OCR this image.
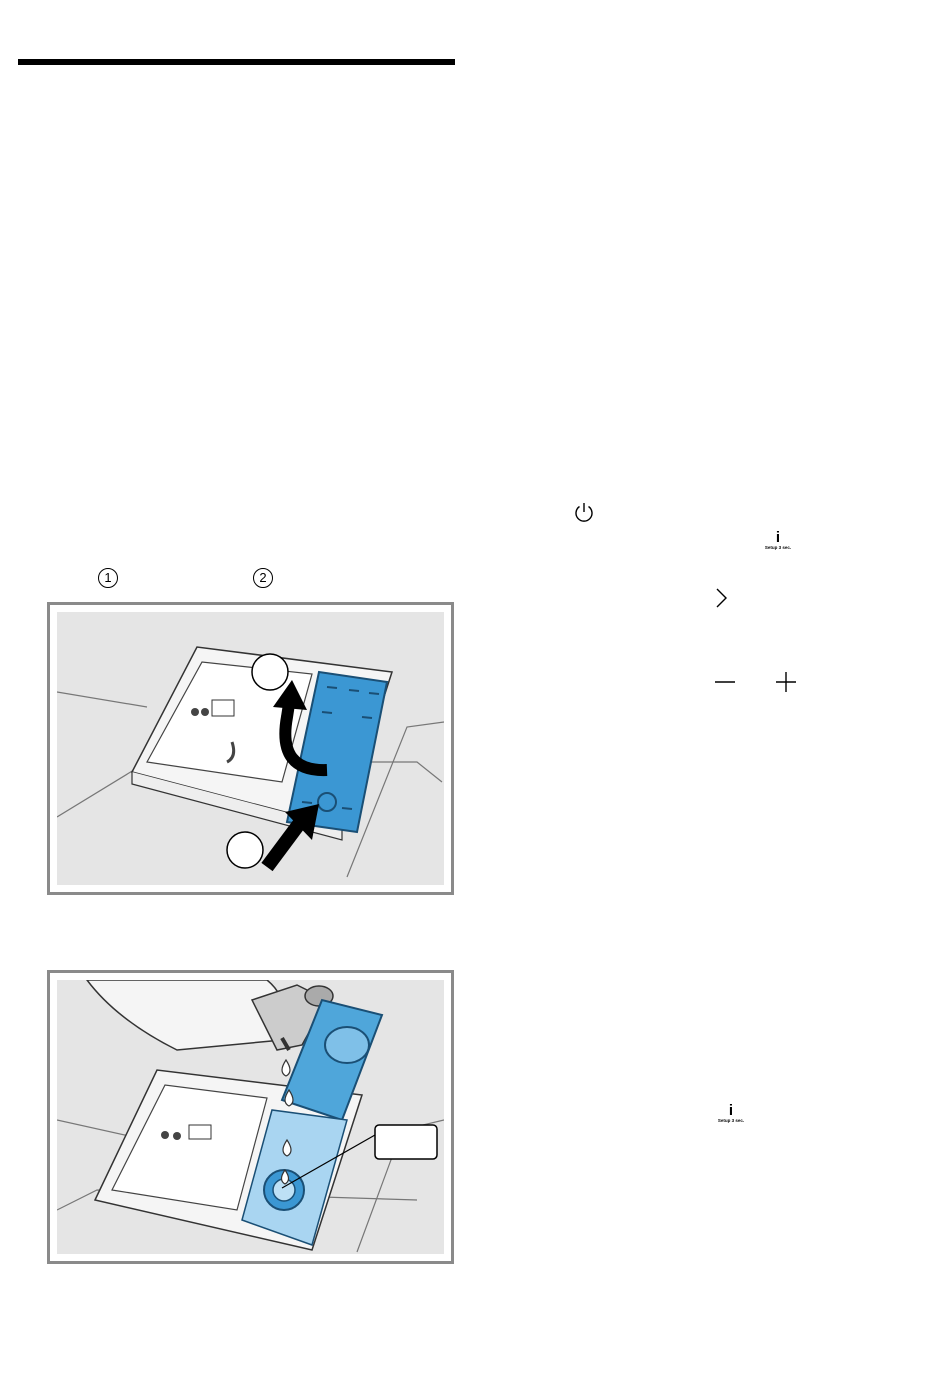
1	2
i
Setup 3 sec.
i
Setup 3 sec.
